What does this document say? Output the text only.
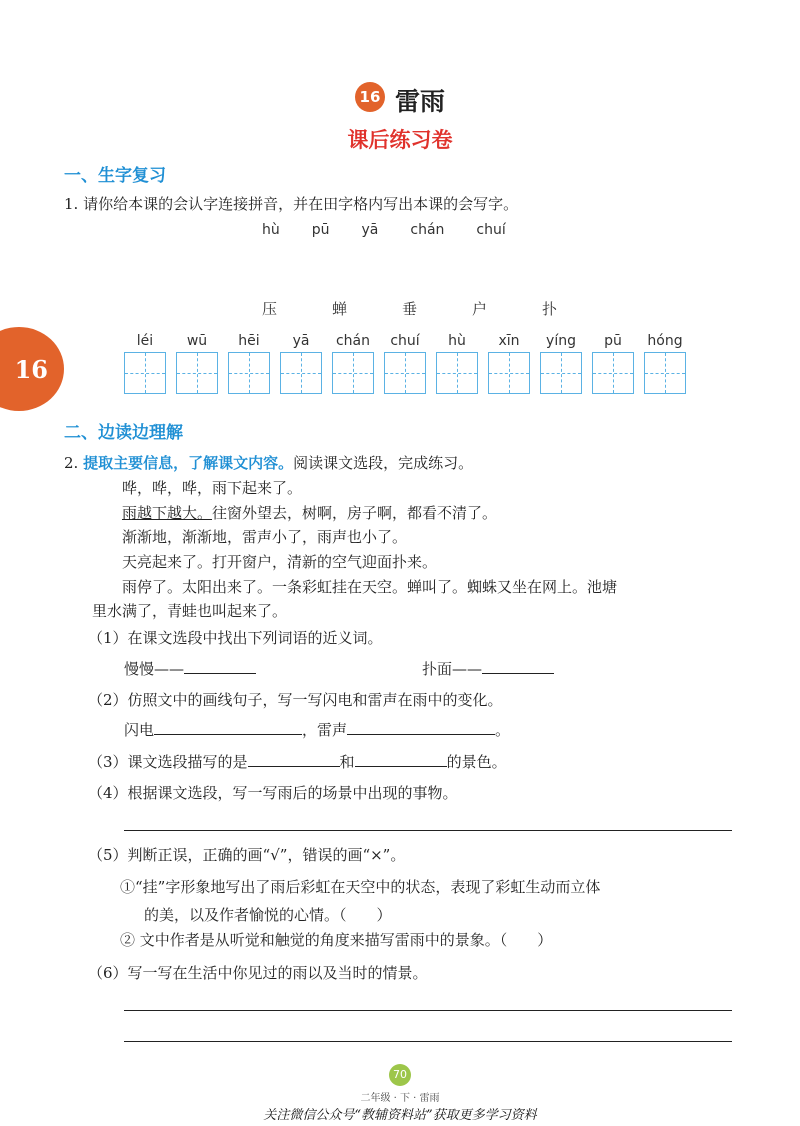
16 雷雨
课后练习卷
16
一、生字复习
1. 请你给本课的会认字连接拼音，并在田字格内写出本课的会写字。
hù pū yā chán chuí
压	蝉	垂	户	扑
léi	wū	hēi	yā	chán	chuí	hù	xīn	yíng	pū	hóng
二、边读边理解
2. 提取主要信息，了解课文内容。阅读课文选段，完成练习。
哗，哗，哗，雨下起来了。
雨越下越大。往窗外望去，树啊，房子啊，都看不清了。
渐渐地，渐渐地，雷声小了，雨声也小了。
天亮起来了。打开窗户，清新的空气迎面扑来。
雨停了。太阳出来了。一条彩虹挂在天空。蝉叫了。蜘蛛又坐在网上。池塘
里水满了，青蛙也叫起来了。
（1）在课文选段中找出下列词语的近义词。
慢慢——	扑面——
（2）仿照文中的画线句子，写一写闪电和雷声在雨中的变化。
闪电	，雷声	。
（3）课文选段描写的是	和	的景色。
（4）根据课文选段，写一写雨后的场景中出现的事物。
（5）判断正误，正确的画“√”，错误的画“×”。
①“挂”字形象地写出了雨后彩虹在天空中的状态，表现了彩虹生动而立体
的美，以及作者愉悦的心情。（　　）
② 文中作者是从听觉和触觉的角度来描写雷雨中的景象。（　　）
（6）写一写在生活中你见过的雨以及当时的情景。
70
二年级 · 下 · 雷雨
关注微信公众号“教辅资料站”获取更多学习资料
